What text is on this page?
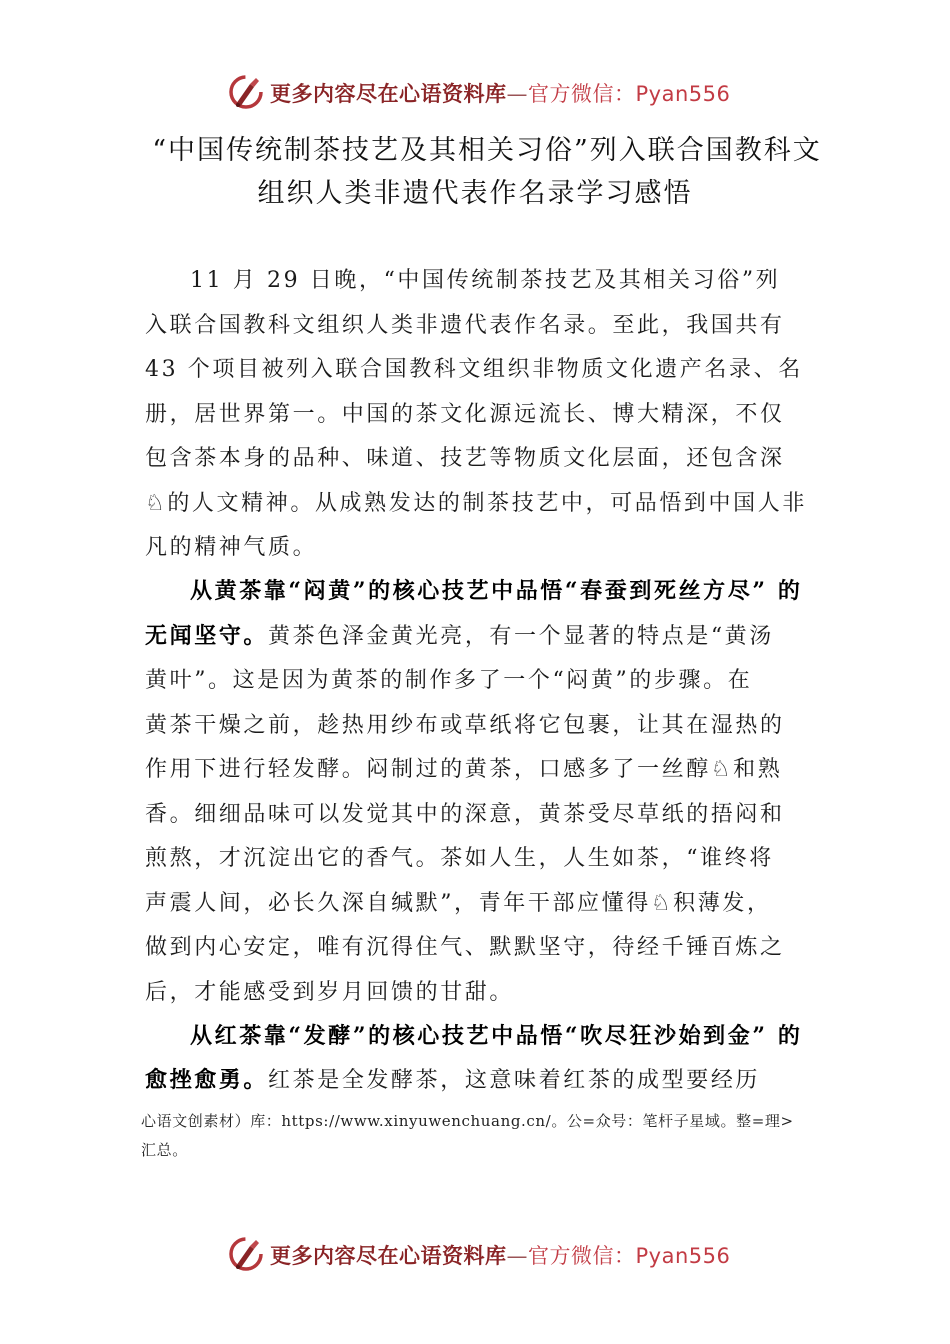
更多内容尽在心语资料库—官方微信：Pyan556
“中国传统制茶技艺及其相关习俗”列入联合国教科文
组织人类非遗代表作名录学习感悟
11 月 29 日晚，“中国传统制茶技艺及其相关习俗”列
入联合国教科文组织人类非遗代表作名录。至此，我国共有
43 个项目被列入联合国教科文组织非物质文化遗产名录、名
册，居世界第一。中国的茶文化源远流长、博大精深，不仅
包含茶本身的品种、味道、技艺等物质文化层面，还包含深
♘的人文精神。从成熟发达的制茶技艺中，可品悟到中国人非
凡的精神气质。
从黄茶靠“闷黄”的核心技艺中品悟“春蚕到死丝方尽” 的
无闻坚守。黄茶色泽金黄光亮，有一个显著的特点是“黄汤
黄叶”。这是因为黄茶的制作多了一个“闷黄”的步骤。在
黄茶干燥之前，趁热用纱布或草纸将它包裹，让其在湿热的
作用下进行轻发酵。闷制过的黄茶，口感多了一丝醇♘和熟
香。细细品味可以发觉其中的深意，黄茶受尽草纸的捂闷和
煎熬，才沉淀出它的香气。茶如人生，人生如茶，“谁终将
声震人间，必长久深自缄默”，青年干部应懂得♘积薄发，
做到内心安定，唯有沉得住气、默默坚守，待经千锤百炼之
后，才能感受到岁月回馈的甘甜。
从红茶靠“发酵”的核心技艺中品悟“吹尽狂沙始到金” 的
愈挫愈勇。红茶是全发酵茶，这意味着红茶的成型要经历
心语文创素材）库：https://www.xinyuwenchuang.cn/。公=众号：笔杆子星域。整=理>
汇总。
更多内容尽在心语资料库—官方微信：Pyan556
